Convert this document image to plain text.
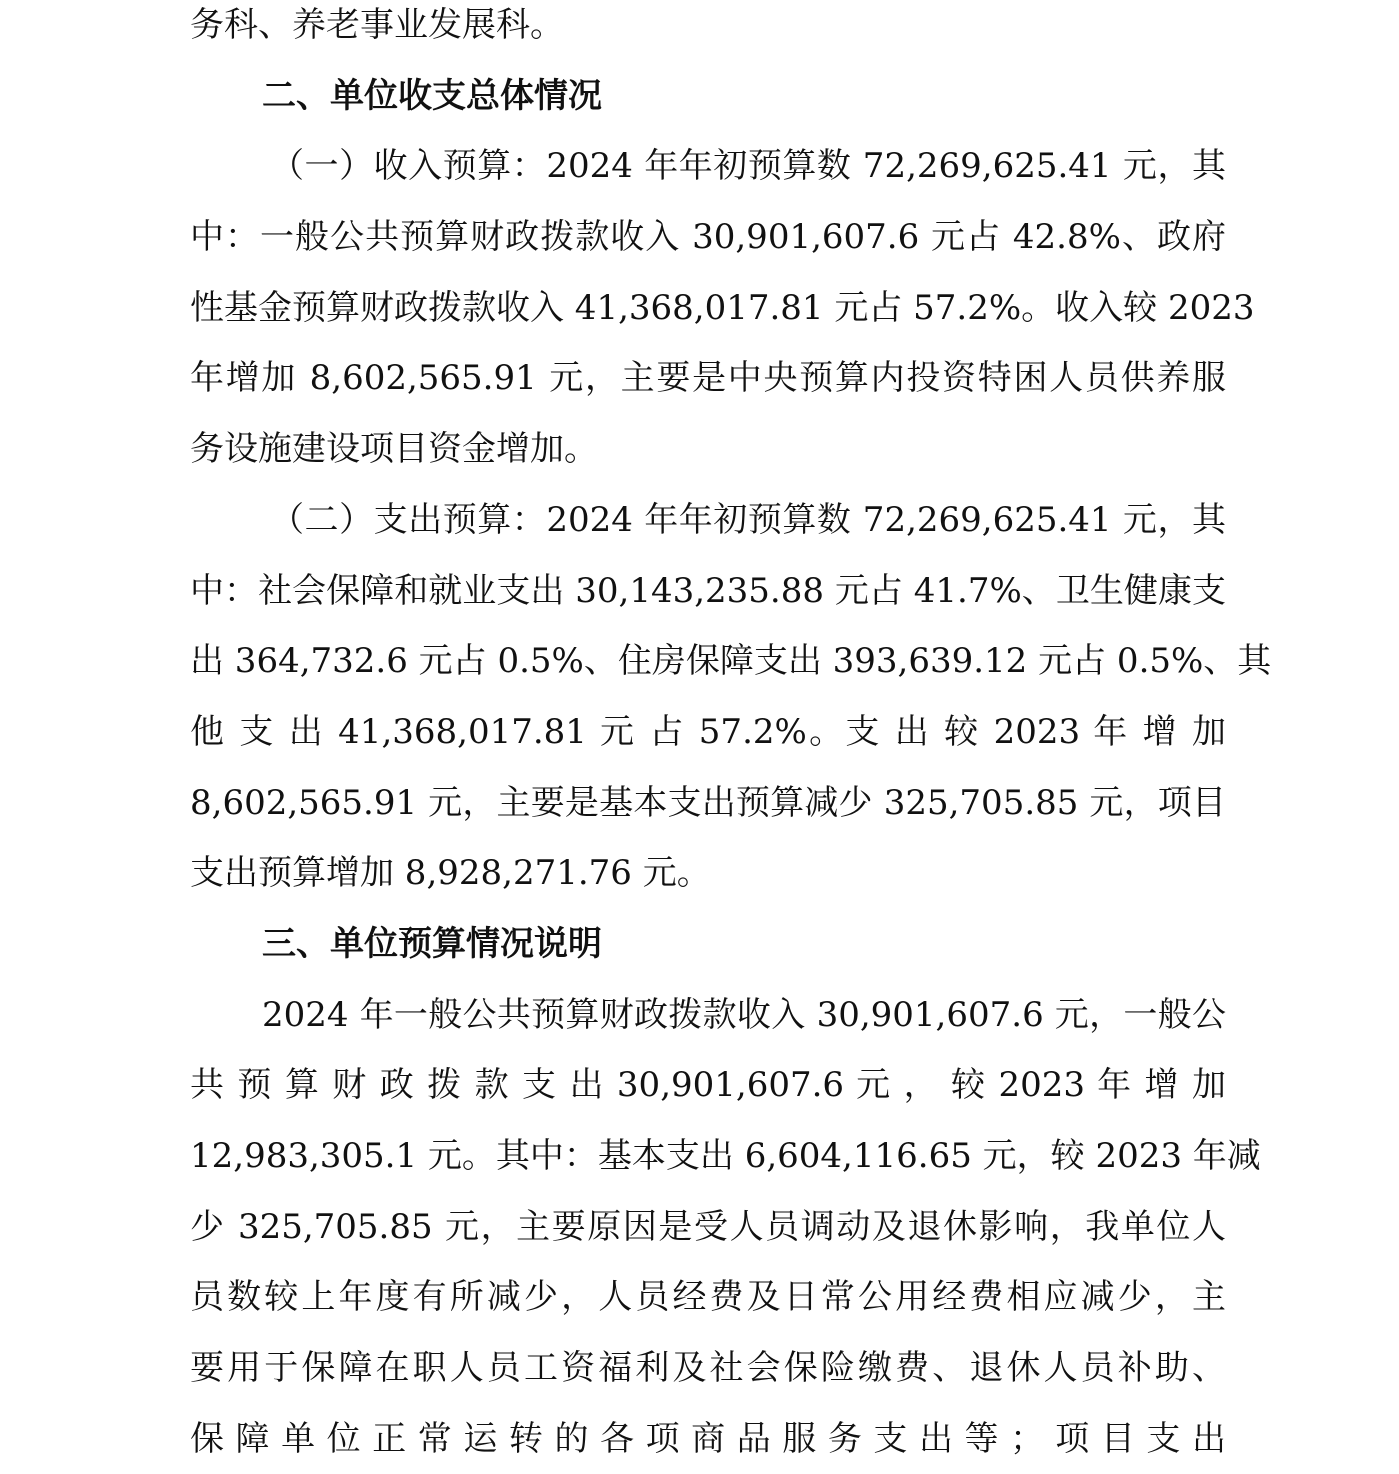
务科、养老事业发展科。
二、单位收支总体情况
（一）收入预算：2024 年年初预算数 72,269,625.41 元，其
中：一般公共预算财政拨款收入 30,901,607.6 元占 42.8%、政府
性基金预算财政拨款收入 41,368,017.81 元占 57.2%。收入较 2023
年增加 8,602,565.91 元，主要是中央预算内投资特困人员供养服
务设施建设项目资金增加。
（二）支出预算：2024 年年初预算数 72,269,625.41 元，其
中：社会保障和就业支出 30,143,235.88 元占 41.7%、卫生健康支
出 364,732.6 元占 0.5%、住房保障支出 393,639.12 元占 0.5%、其
他 支 出 41,368,017.81 元 占 57.2%。支 出 较 2023 年 增 加
8,602,565.91 元，主要是基本支出预算减少 325,705.85 元，项目
支出预算增加 8,928,271.76 元。
三、单位预算情况说明
2024 年一般公共预算财政拨款收入 30,901,607.6 元，一般公
共 预 算 财 政 拨 款 支 出 30,901,607.6 元 ， 较 2023 年 增 加
12,983,305.1 元。其中：基本支出 6,604,116.65 元，较 2023 年减
少 325,705.85 元，主要原因是受人员调动及退休影响，我单位人
员数较上年度有所减少，人员经费及日常公用经费相应减少，主
要用于保障在职人员工资福利及社会保险缴费、退休人员补助、
保 障 单 位 正 常 运 转 的 各 项 商 品 服 务 支 出 等 ； 项 目 支 出
